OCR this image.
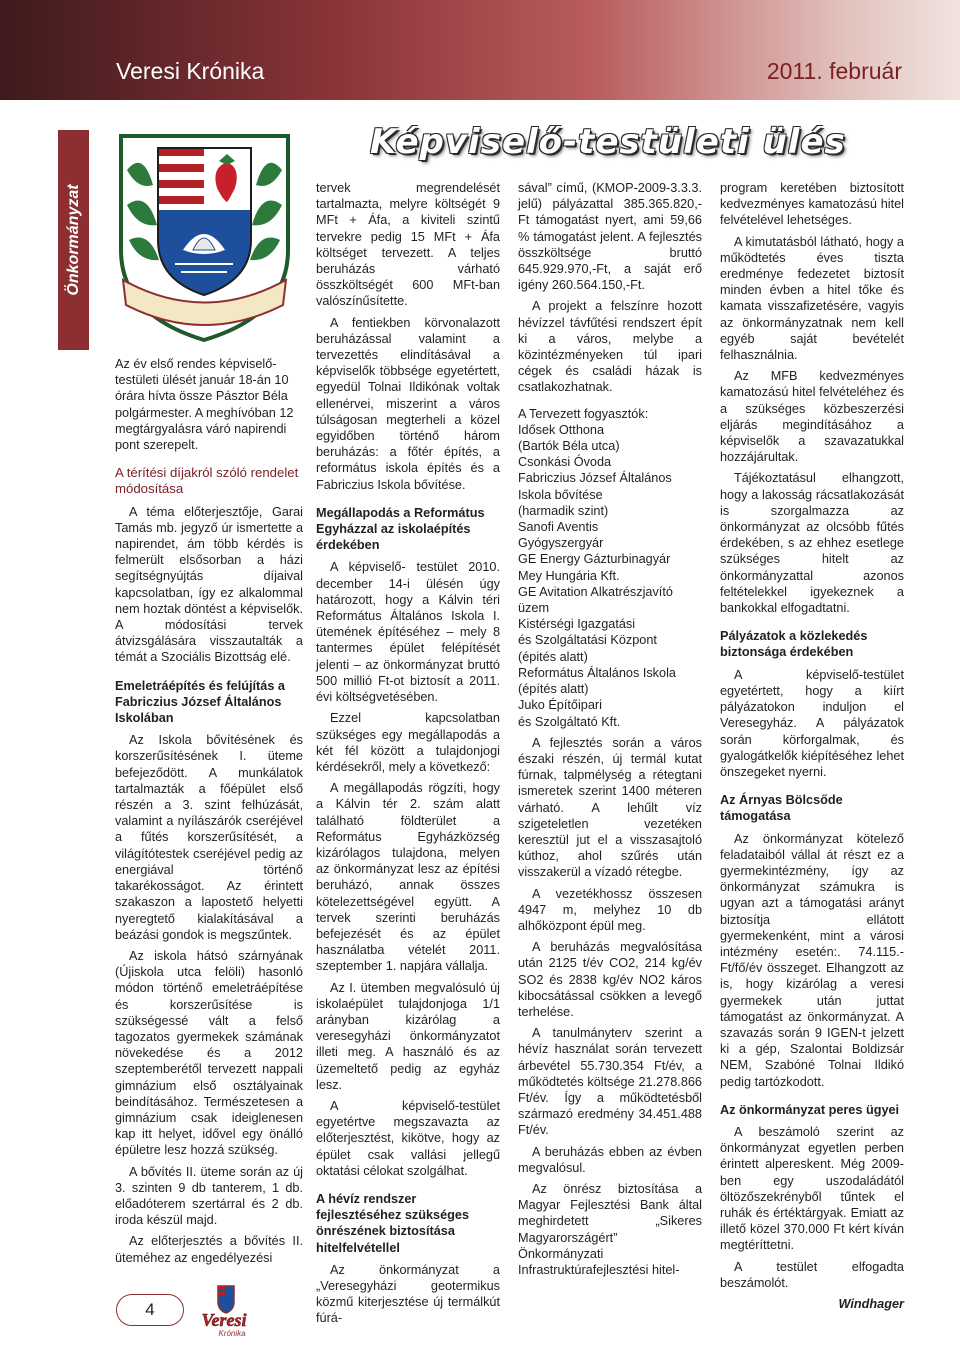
Veresi Krónika	2011. február
Önkormányzat
Képviselő-testületi ülés

Az év első rendes képviselő-testületi ülését január 18-án 10 órára hívta össze Pásztor Béla polgármester. A meghívóban 12 megtárgyalásra váró napirendi pont szerepelt.

A térítési díjakról szóló rendelet módosítása

A téma előterjesztője, Garai Tamás mb. jegyző úr ismertette a napirendet, ám több kérdés is felmerült elsősorban a házi segítségnyújtás díjaival kapcsolatban, így ez alkalommal nem hoztak döntést a képviselők. A módosítási tervek átvizsgálására visszautalták a témát a Szociális Bizottság elé.

Emeletráépítés és felújítás a Fabriczius József Általános Iskolában

Az Iskola bővítésének és korszerűsítésének I. üteme befejeződött. A munkálatok tartalmazták a főépület első részén a 3. szint felhúzását, valamint a nyílászárók cseréjével a fűtés korszerűsítését, a világítótestek cseréjével pedig az energiával történő takarékosságot. Az érintett szakaszon a lapostető helyetti nyeregtető kialakításával a beázási gondok is megszűntek.

Az iskola hátsó szárnyának (Újiskola utca felöli) hasonló módon történő emeletráépítése és korszerűsítése is szükségessé vált a felső tagozatos gyermekek számának növekedése és a 2012 szeptemberétől tervezett nappali gimnázium első osztályainak beindításához. Természetesen a gimnázium csak ideiglenesen kap itt helyet, idővel egy önálló épületre lesz hozzá szükség.

A bővítés II. üteme során az új 3. szinten 9 db tanterem, 1 db. előadóterem szertárral és 2 db. iroda készül majd.

Az előterjesztés a bővítés II. üteméhez az engedélyezési

tervek megrendelését tartalmazta, melyre költségét 9 MFt + Áfa, a kiviteli szintű tervekre pedig 15 MFt + Áfa költséget tervezett. A teljes beruházás várható összköltségét 600 MFt-ban valószínűsítette.

A fentiekben körvonalazott beruházással valamint a tervezettés elindításával a képviselők többsége egyetértett, egyedül Tolnai Ildikónak voltak ellenérvei, miszerint a város túlságosan megterheli a közel egyidőben történő három beruházás: a főtér építés, a református iskola építés és a Fabriczius Iskola bővítése.

Megállapodás a Református Egyházzal az iskolaépítés érdekében

A képviselő- testület 2010. december 14-i ülésén úgy határozott, hogy a Kálvin téri Református Általános Iskola I. ütemének építéséhez – mely 8 tantermes épület felépítését jelenti – az önkormányzat bruttó 500 millió Ft-ot biztosít a 2011. évi költségvetésében.

Ezzel kapcsolatban szükséges egy megállapodás a két fél között a tulajdonjogi kérdésekről, mely a következő:

A megállapodás rögzíti, hogy a Kálvin tér 2. szám alatt található földterület a Református Egyházközség kizárólagos tulajdona, melyen az önkormányzat lesz az építési beruházó, annak összes kötelezettségével együtt. A tervek szerinti beruházás befejezését és az épület használatba vételét 2011. szeptember 1. napjára vállalja.

Az I. ütemben megvalósuló új iskolaépület tulajdonjoga 1/1 arányban kizárólag a veresegyházi önkormányzatot illeti meg. A használó és az üzemeltető pedig az egyház lesz.

A képviselő-testület egyetértve megszavazta az előterjesztést, kikötve, hogy az épület csak vallási jellegű oktatási célokat szolgálhat.

A hévíz rendszer fejlesztéséhez szükséges önrészének biztosítása hitelfelvétellel

Az önkormányzat a „Veresegyházi geotermikus közmű kiterjesztése új termálkút fúrá-

sával” című, (KMOP-2009-3.3.3. jelű) pályázattal 385.365.820,- Ft támogatást nyert, ami 59,66 % támogatást jelent. A fejlesztés összköltsége bruttó 645.929.970,-Ft, a saját erő igény 260.564.150,-Ft.

A projekt a felszínre hozott hévízzel távfűtési rendszert épít ki a város, melybe a közintézményeken túl ipari cégek és családi házak is csatlakozhatnak.

A Tervezett fogyasztók:

Idősek Otthona
(Bartók Béla utca)
Csonkási Óvoda
Fabriczius József Általános Iskola bővítése
(harmadik szint)
Sanofi Aventis
Gyógyszergyár
GE Energy Gázturbinagyár
Mey Hungária Kft.
GE Avitation Alkatrészjavító üzem
Kistérségi Igazgatási
és Szolgáltatási Központ
(épités alatt)
Református Általános Iskola
(építés alatt)
Juko Építőipari
és Szolgáltató Kft.

A fejlesztés során a város északi részén, új termál kutat fúrnak, talpmélység a rétegtani ismeretek szerint 1400 méteren várható. A lehűlt víz szigeteletlen vezetéken keresztül jut el a visszasajtoló kúthoz, ahol szűrés után visszakerül a vízadó rétegbe.

A vezetékhossz összesen 4947 m, melyhez 10 db alhőközpont épül meg.

A beruházás megvalósítása után 2125 t/év CO2, 214 kg/év SO2 és 2838 kg/év NO2 káros kibocsátással csökken a levegő terhelése.

A tanulmányterv szerint a hévíz használat során tervezett árbevétel 55.730.354 Ft/év, a működtetés költsége 21.278.866 Ft/év. Így a működtetésből származó eredmény 34.451.488 Ft/év.

A beruházás ebben az évben megvalósul.

Az önrész biztosítása a Magyar Fejlesztési Bank által meghirdetett „Sikeres Magyarországért” Önkormányzati Infrastruktúrafejlesztési hitel-

program keretében biztosított kedvezményes kamatozású hitel felvételével lehetséges.

A kimutatásból látható, hogy a működtetés éves tiszta eredménye fedezetet biztosít minden évben a hitel tőke és kamata visszafizetésére, vagyis az önkormányzatnak nem kell egyéb saját bevételét felhasználnia.

Az MFB kedvezményes kamatozású hitel felvételéhez és a szükséges közbeszerzési eljárás megindításához a képviselők a szavazatukkal hozzájárultak.

Tájékoztatásul elhangzott, hogy a lakosság rácsatlakozását is szorgalmazza az önkormányzat az olcsóbb fűtés érdekében, s az ehhez esetlege szükséges hitelt az önkormányzattal azonos feltételekkel igyekeznek a bankokkal elfogadtatni.

Pályázatok a közlekedés biztonsága érdekében

A képviselő-testület egyetértett, hogy a kiírt pályázatokon induljon el Veresegyház. A pályázatok során körforgalmak, és gyalogátkelők kiépítéséhez lehet önszegeket nyerni.

Az Árnyas Bölcsőde támogatása

Az önkormányzat kötelező feladataiból vállal át részt ez a gyermekintézmény, így az önkormányzat számukra is ugyan azt a támogatási arányt biztosítja ellátott gyermekenként, mint a városi intézmény esetén:. 74.115.- Ft/fő/év összeget. Elhangzott az is, hogy kizárólag a veresi gyermekek után juttat támogatást az önkormányzat. A szavazás során 9 IGEN-t jelzett ki a gép, Szalontai Boldizsár NEM, Szabóné Tolnai Ildikó pedig tartózkodott.

Az önkormányzat peres ügyei

A beszámoló szerint az önkormányzat egyetlen perben érintett alpereskent. Még 2009-ben egy uszodaládától öltözőszekrényből tűntek el ruhák és értéktárgyak. Emiatt az illető közel 370.000 Ft kért kíván megtéríttetni.

A testület elfogadta beszámolót.

Windhager
4
Veresi
Krónika
